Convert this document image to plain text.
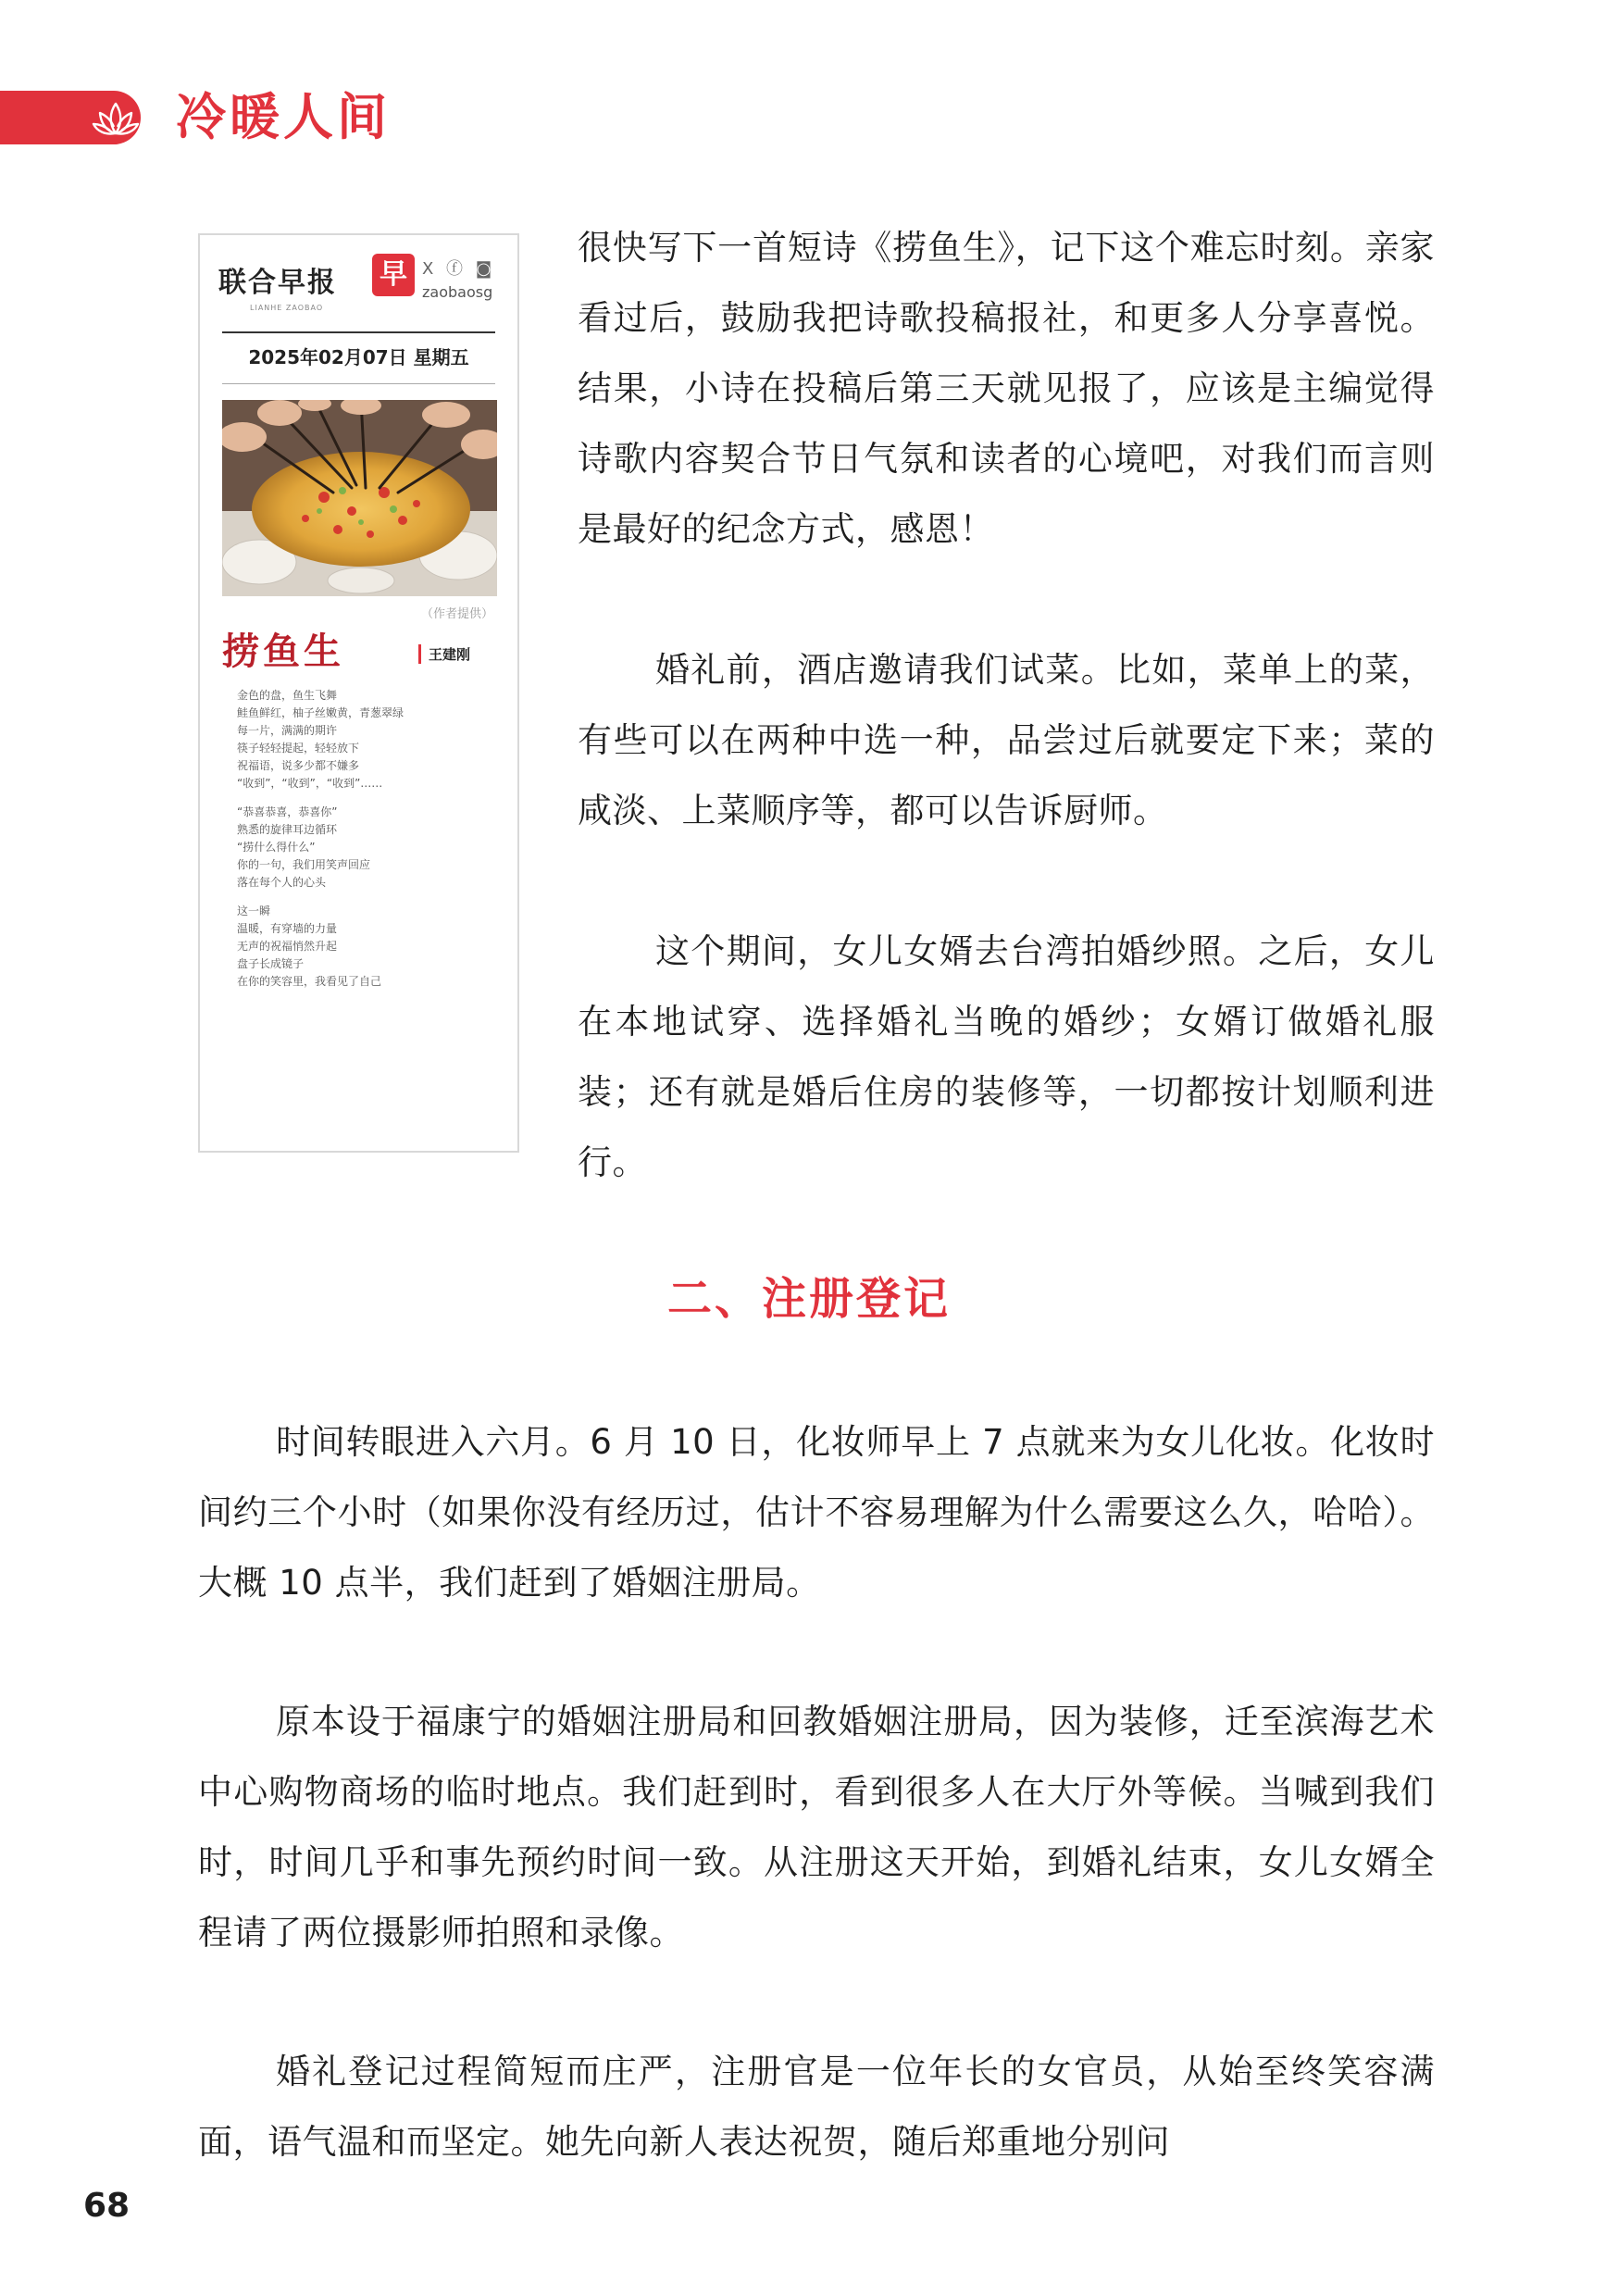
冷暖人间
联合早报 早 X ⓕ ◙
zaobaosg
LIANHE ZAOBAO
2025年02月07日 星期五
（作者提供）
捞鱼生	王建刚
金色的盘，鱼生飞舞
鲑鱼鲜红，柚子丝嫩黄，青葱翠绿
每一片，满满的期许
筷子轻轻提起，轻轻放下
祝福语，说多少都不嫌多
“收到”，“收到”，“收到”……
“恭喜恭喜，恭喜你”
熟悉的旋律耳边循环
“捞什么得什么”
你的一句，我们用笑声回应
落在每个人的心头
这一瞬
温暖，有穿墙的力量
无声的祝福悄然升起
盘子长成镜子
在你的笑容里，我看见了自己

很快写下一首短诗《捞鱼生》，记下这个难忘时刻。亲家看过后，鼓励我把诗歌投稿报社，和更多人分享喜悦。结果，小诗在投稿后第三天就见报了，应该是主编觉得诗歌内容契合节日气氛和读者的心境吧，对我们而言则是最好的纪念方式，感恩！

婚礼前，酒店邀请我们试菜。比如，菜单上的菜，有些可以在两种中选一种，品尝过后就要定下来；菜的咸淡、上菜顺序等，都可以告诉厨师。

这个期间，女儿女婿去台湾拍婚纱照。之后，女儿在本地试穿、选择婚礼当晚的婚纱；女婿订做婚礼服装；还有就是婚后住房的装修等，一切都按计划顺利进行。

二、注册登记

时间转眼进入六月。6 月 10 日，化妆师早上 7 点就来为女儿化妆。化妆时间约三个小时（如果你没有经历过，估计不容易理解为什么需要这么久，哈哈）。大概 10 点半，我们赶到了婚姻注册局。

原本设于福康宁的婚姻注册局和回教婚姻注册局，因为装修，迁至滨海艺术中心购物商场的临时地点。我们赶到时，看到很多人在大厅外等候。当喊到我们时，时间几乎和事先预约时间一致。从注册这天开始，到婚礼结束，女儿女婿全程请了两位摄影师拍照和录像。

婚礼登记过程简短而庄严，注册官是一位年长的女官员，从始至终笑容满面，语气温和而坚定。她先向新人表达祝贺，随后郑重地分别问

68
